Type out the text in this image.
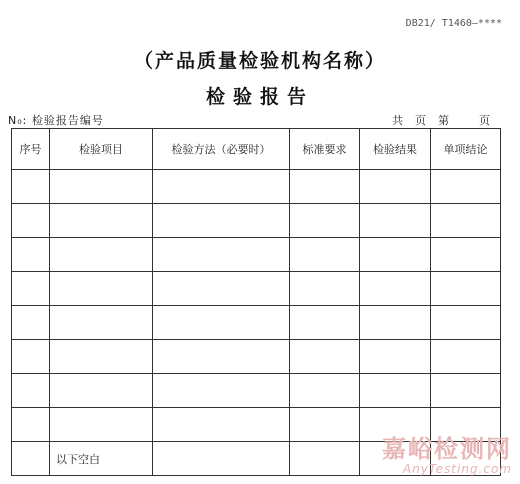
DB21/ T1460—****
（产品质量检验机构名称）
检验报告
N₀: 检验报告编号	共 页 第	页
序号	检验项目	检验方法（必要时）	标准要求	检验结果	单项结论

	以下空白					嘉峪检测网
AnyTesting.com
